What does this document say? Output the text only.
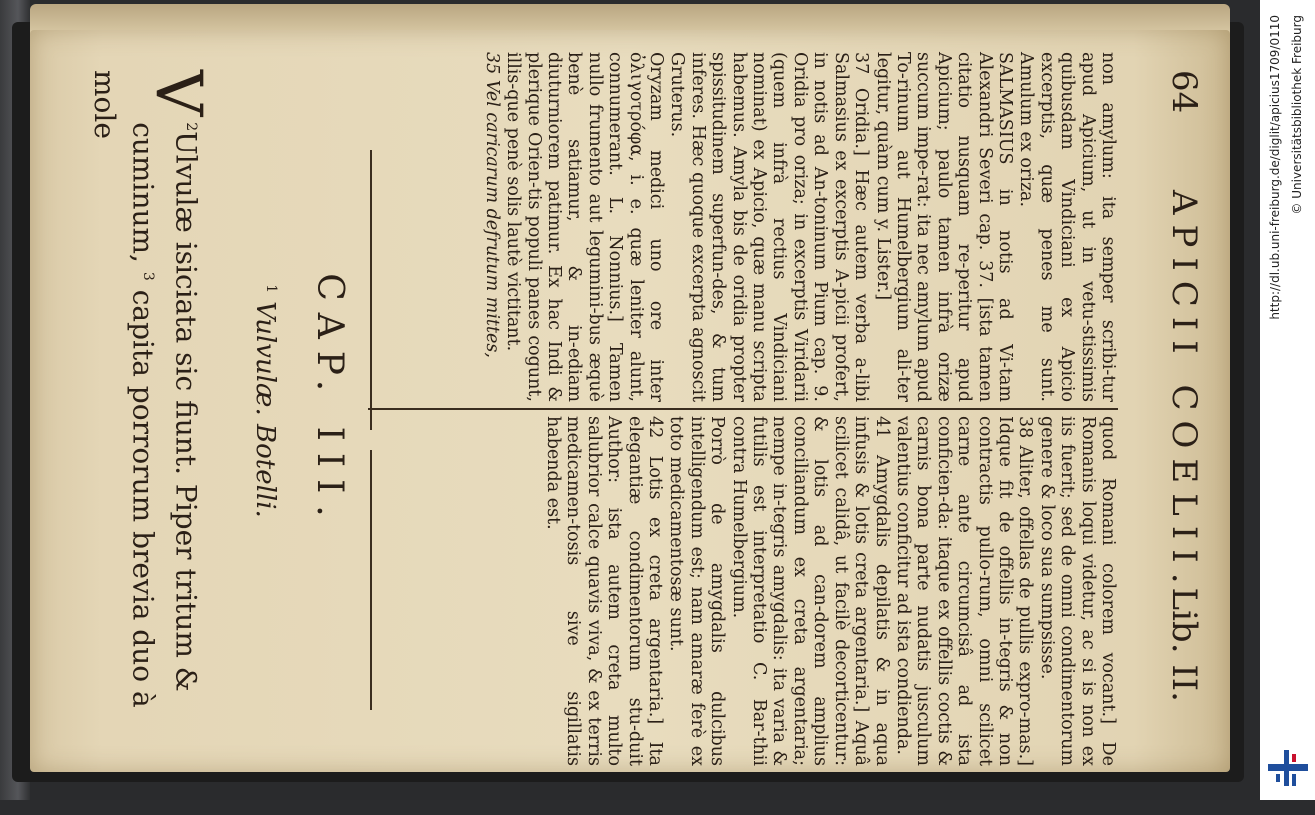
64
APICII COELII.
Lib. II.

non amylum: ita semper scribi-tur apud Apicium, ut in vetu-stissimis quibusdam Vindiciani ex Apicio excerptis, quæ penes me sunt. Amulum ex oriza.

SALMASIUS in notis ad Vi-tam Alexandri Severi cap. 37. [ista tamen citatio nusquam re-peritur apud Apicium; paulo tamen infrà orizæ succum impe-rat: ita nec amylum apud To-rinum aut Humelbergium ali-ter legitur, quàm cum y. Lister.]

37 Oridia.] Hæc autem verba a-libi Salmasius ex excerptis A-picii profert, in notis ad An-toninum Pium cap. 9. Oridia pro oriza; in excerptis Viridarii (quem infrà rectius Vindiciani nominat) ex Apicio, quæ manu scripta habemus. Amyla bis de oridia propter spissitudinem superfun-des, & tum inferes. Hæc quoque excerpta agnoscit Gruterus.

Oryzam medici uno ore inter ὀλιγοτρόφα, i. e. quæ leniter alunt, connumerant. L. Nonnius.] Tamen nullo frumento aut legumini-bus æquè benè satiamur, & in-ediam diuturniorem patimur. Ex hac Indi & plerique Orien-tis populi panes cogunt, illis-que penè solis lautè victitant.

35 Vel caricarum defrutum mittes,

quod Romani colorem vocant.] De Romanis loqui videtur, ac si is non ex iis fuerit; sed de omni condimentorum genere & loco sua sumpsisse.

38 Aliter, offellas de pullis expro-mas.] Idque fit de offellis in-tegris & non contractis pullo-rum, omni scilicet carne ante circumcisâ ad ista conficien-da: itaque ex offellis coctis & carnis bona parte nudatis jusculum valentius conficitur ad ista condienda.

41 Amygdalis depilatis & in aqua infusis & lotis creta argentaria.] Aquâ scilicet calidâ, ut facilè decorticentur: & lotis ad can-dorem amplius conciliandum ex creta argentaria; nempe in-tegris amygdalis: ita varia & futilis est interpretatio C. Bar-thii contra Humelbergium.

Porrò de amygdalis dulcibus intelligendum est; nam amaræ ferè ex toto medicamentosæ sunt.

42 Lotis ex creta argentaria.] Ita elegantiæ condimentorum stu-duit Author: ista autem creta multo salubrior calce quavis viva, & ex terris medicamen-tosis sive sigillatis habenda est.

CAP. III.
$^1$Vulvulæ. Botelli.
$^2$
V
Ulvulæ isiciata sic fiunt. Piper tritum & cuminum, $^3$ capita porrorum brevia duo à mole	http://dl.ub.uni-freiburg.de/diglit/apicius1709/0110 © Universitätsbibliothek Freiburg
